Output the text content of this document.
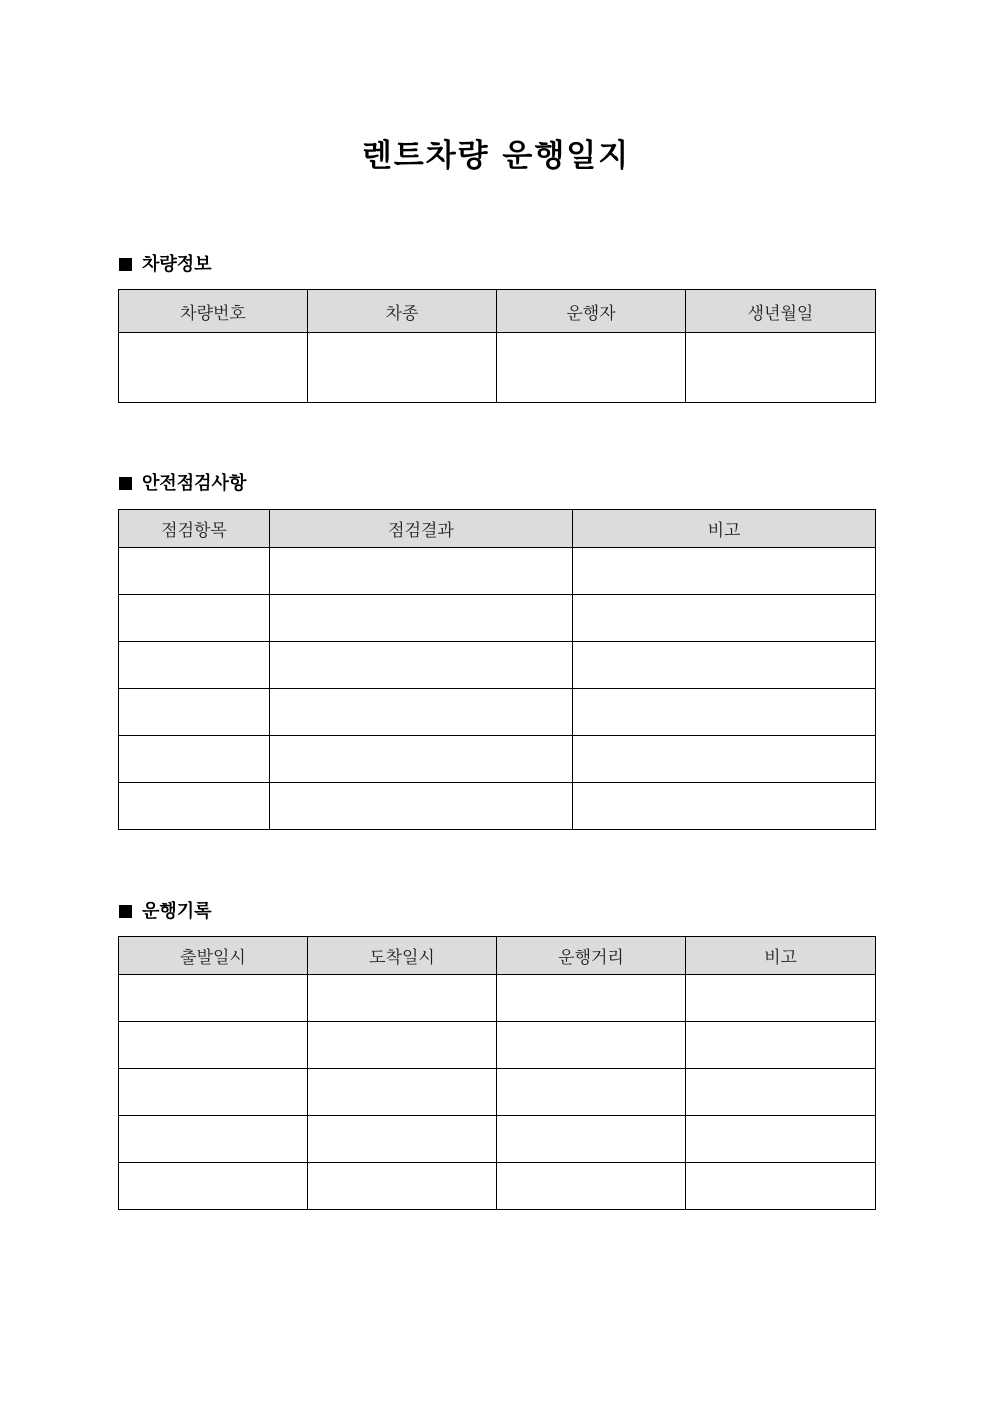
렌트차량 운행일지
차량정보
차량번호	차종	운행자	생년월일

안전점검사항
점검항목	점검결과	비고

운행기록
출발일시	도착일시	운행거리	비고
